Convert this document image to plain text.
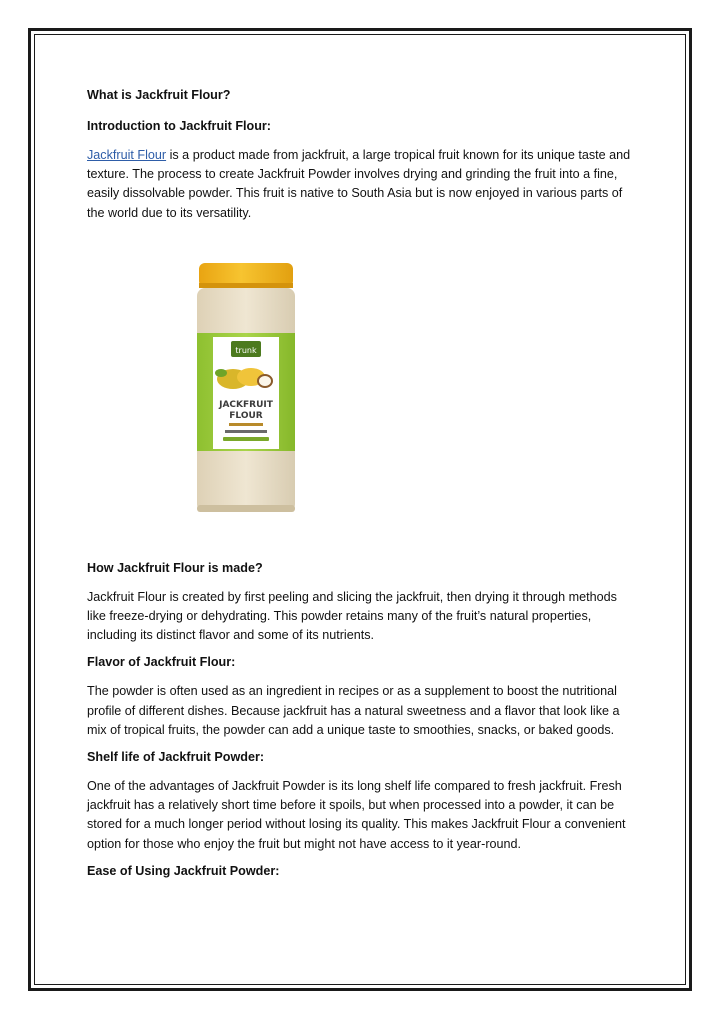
What is Jackfruit Flour?
Introduction to Jackfruit Flour:

Jackfruit Flour is a product made from jackfruit, a large tropical fruit known for its unique taste and texture. The process to create Jackfruit Powder involves drying and grinding the fruit into a fine, easily dissolvable powder. This fruit is native to South Asia but is now enjoyed in various parts of the world due to its versatility.

trunk
JACKFRUIT
FLOUR
How Jackfruit Flour is made?

Jackfruit Flour is created by first peeling and slicing the jackfruit, then drying it through methods like freeze-drying or dehydrating. This powder retains many of the fruit’s natural properties, including its distinct flavor and some of its nutrients.

Flavor of Jackfruit Flour:

The powder is often used as an ingredient in recipes or as a supplement to boost the nutritional profile of different dishes. Because jackfruit has a natural sweetness and a flavor that look like a mix of tropical fruits, the powder can add a unique taste to smoothies, snacks, or baked goods.

Shelf life of Jackfruit Powder:

One of the advantages of Jackfruit Powder is its long shelf life compared to fresh jackfruit. Fresh jackfruit has a relatively short time before it spoils, but when processed into a powder, it can be stored for a much longer period without losing its quality. This makes Jackfruit Flour a convenient option for those who enjoy the fruit but might not have access to it year-round.

Ease of Using Jackfruit Powder:
